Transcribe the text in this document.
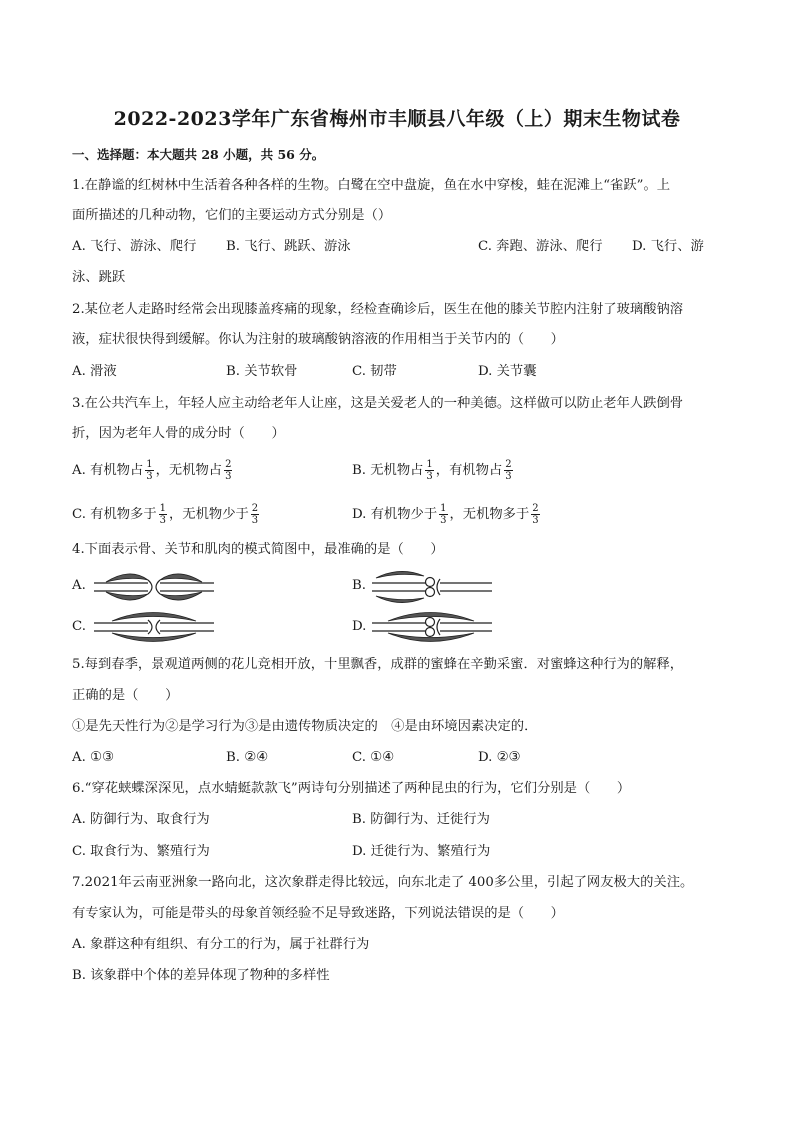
2022-2023学年广东省梅州市丰顺县八年级（上）期末生物试卷
一、选择题：本大题共 28 小题，共 56 分。
1.在静谧的红树林中生活着各种各样的生物。白鹭在空中盘旋，鱼在水中穿梭，蛙在泥滩上“雀跃”。上
面所描述的几种动物，它们的主要运动方式分别是（）
A. 飞行、游泳、爬行 B. 飞行、跳跃、游泳	C. 奔跑、游泳、爬行 D. 飞行、游
泳、跳跃
2.某位老人走路时经常会出现膝盖疼痛的现象，经检查确诊后，医生在他的膝关节腔内注射了玻璃酸钠溶
液，症状很快得到缓解。你认为注射的玻璃酸钠溶液的作用相当于关节内的（　　）
A. 滑液	B. 关节软骨	C. 韧带	D. 关节囊
3.在公共汽车上，年轻人应主动给老年人让座，这是关爱老人的一种美德。这样做可以防止老年人跌倒骨
折，因为老年人骨的成分时（　　）
A. 有机物占 $\frac{1}{3}$ ，无机物占 $\frac{2}{3}$	B. 无机物占 $\frac{1}{3}$ ，有机物占 $\frac{2}{3}$
C. 有机物多于 $\frac{1}{3}$ ，无机物少于 $\frac{2}{3}$	D. 有机物少于 $\frac{1}{3}$ ，无机物多于 $\frac{2}{3}$
4.下面表示骨、关节和肌肉的模式简图中，最准确的是（　　）
A.	B.
C.	D.
5.每到春季，景观道两侧的花儿竞相开放，十里飘香，成群的蜜蜂在辛勤采蜜．对蜜蜂这种行为的解释，
正确的是（　　）
①是先天性行为②是学习行为③是由遗传物质决定的　④是由环境因素决定的．
A. ①③	B. ②④	C. ①④	D. ②③
6.“穿花蛱蝶深深见，点水蜻蜓款款飞”两诗句分别描述了两种昆虫的行为，它们分别是（　　）
A. 防御行为、取食行为	B. 防御行为、迁徙行为
C. 取食行为、繁殖行为	D. 迁徙行为、繁殖行为
7.2021年云南亚洲象一路向北，这次象群走得比较远，向东北走了 400多公里，引起了网友极大的关注。
有专家认为，可能是带头的母象首领经验不足导致迷路，下列说法错误的是（　　）
A. 象群这种有组织、有分工的行为，属于社群行为
B. 该象群中个体的差异体现了物种的多样性
